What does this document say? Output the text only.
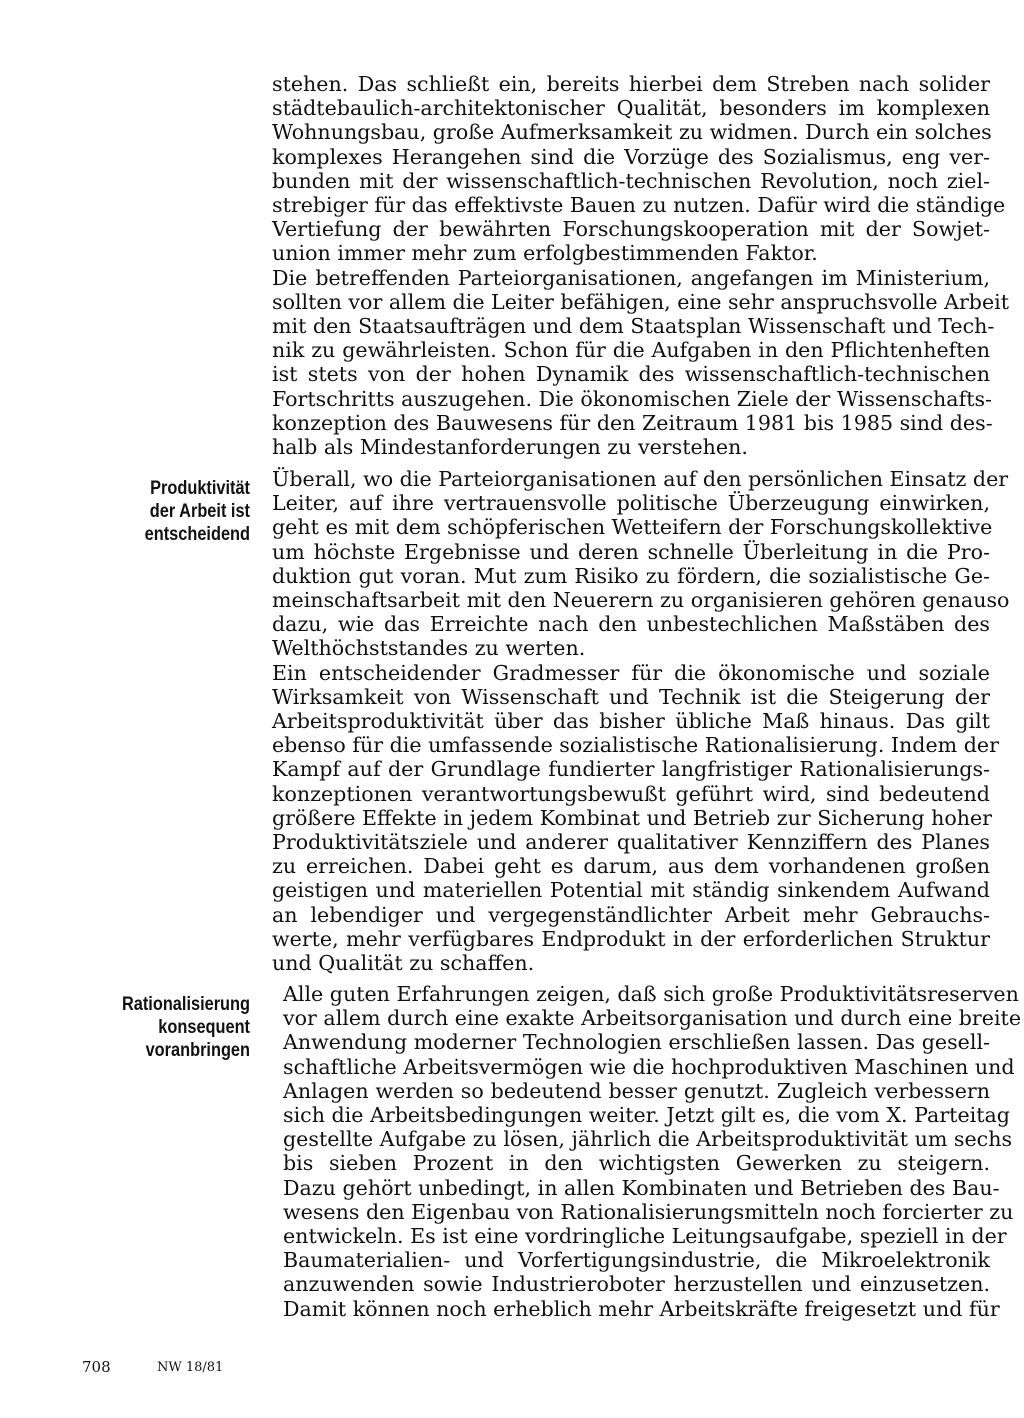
stehen. Das schließt ein, bereits hierbei dem Streben nach solider
städtebaulich-architektonischer Qualität, besonders im komplexen
Wohnungsbau, große Aufmerksamkeit zu widmen. Durch ein solches
komplexes Herangehen sind die Vorzüge des Sozialismus, eng ver-
bunden mit der wissenschaftlich-technischen Revolution, noch ziel-
strebiger für das effektivste Bauen zu nutzen. Dafür wird die ständige
Vertiefung der bewährten Forschungskooperation mit der Sowjet-
union immer mehr zum erfolgbestimmenden Faktor.

Die betreffenden Parteiorganisationen, angefangen im Ministerium,
sollten vor allem die Leiter befähigen, eine sehr anspruchsvolle Arbeit
mit den Staatsaufträgen und dem Staatsplan Wissenschaft und Tech-
nik zu gewährleisten. Schon für die Aufgaben in den Pflichtenheften
ist stets von der hohen Dynamik des wissenschaftlich-technischen
Fortschritts auszugehen. Die ökonomischen Ziele der Wissenschafts-
konzeption des Bauwesens für den Zeitraum 1981 bis 1985 sind des-
halb als Mindestanforderungen zu verstehen.

Produktivität
der Arbeit ist
entscheidend

Überall, wo die Parteiorganisationen auf den persönlichen Einsatz der
Leiter, auf ihre vertrauensvolle politische Überzeugung einwirken,
geht es mit dem schöpferischen Wetteifern der Forschungskollektive
um höchste Ergebnisse und deren schnelle Überleitung in die Pro-
duktion gut voran. Mut zum Risiko zu fördern, die sozialistische Ge-
meinschaftsarbeit mit den Neuerern zu organisieren gehören genauso
dazu, wie das Erreichte nach den unbestechlichen Maßstäben des
Welthöchststandes zu werten.

Ein entscheidender Gradmesser für die ökonomische und soziale
Wirksamkeit von Wissenschaft und Technik ist die Steigerung der
Arbeitsproduktivität über das bisher übliche Maß hinaus. Das gilt
ebenso für die umfassende sozialistische Rationalisierung. Indem der
Kampf auf der Grundlage fundierter langfristiger Rationalisierungs-
konzeptionen verantwortungsbewußt geführt wird, sind bedeutend
größere Effekte in jedem Kombinat und Betrieb zur Sicherung hoher
Produktivitätsziele und anderer qualitativer Kennziffern des Planes
zu erreichen. Dabei geht es darum, aus dem vorhandenen großen
geistigen und materiellen Potential mit ständig sinkendem Aufwand
an lebendiger und vergegenständlichter Arbeit mehr Gebrauchs-
werte, mehr verfügbares Endprodukt in der erforderlichen Struktur
und Qualität zu schaffen.

Rationalisierung
konsequent
voranbringen

Alle guten Erfahrungen zeigen, daß sich große Produktivitätsreserven
vor allem durch eine exakte Arbeitsorganisation und durch eine breite
Anwendung moderner Technologien erschließen lassen. Das gesell-
schaftliche Arbeitsvermögen wie die hochproduktiven Maschinen und
Anlagen werden so bedeutend besser genutzt. Zugleich verbessern
sich die Arbeitsbedingungen weiter. Jetzt gilt es, die vom X. Parteitag
gestellte Aufgabe zu lösen, jährlich die Arbeitsproduktivität um sechs
bis sieben Prozent in den wichtigsten Gewerken zu steigern.
Dazu gehört unbedingt, in allen Kombinaten und Betrieben des Bau-
wesens den Eigenbau von Rationalisierungsmitteln noch forcierter zu
entwickeln. Es ist eine vordringliche Leitungsaufgabe, speziell in der
Baumaterialien- und Vorfertigungsindustrie, die Mikroelektronik
anzuwenden sowie Industrieroboter herzustellen und einzusetzen.
Damit können noch erheblich mehr Arbeitskräfte freigesetzt und für

708	NW 18/81
